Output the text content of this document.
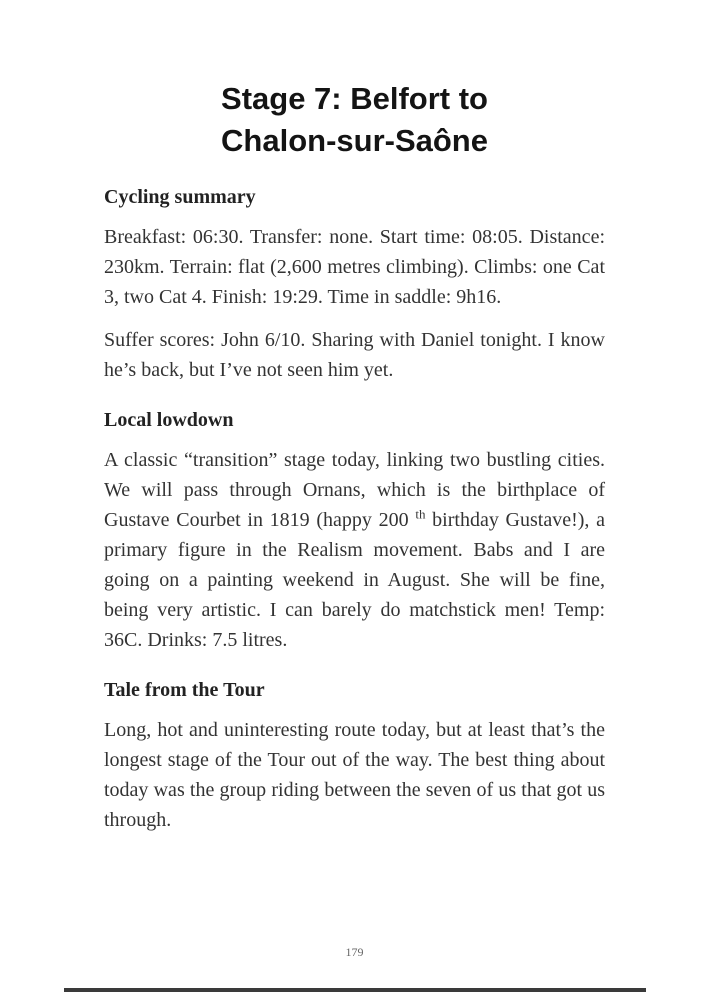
Stage 7: Belfort to
Chalon-sur-Saône
Cycling summary

Breakfast: 06:30. Transfer: none. Start time: 08:05. Distance: 230km. Terrain: flat (2,600 metres climbing). Climbs: one Cat 3, two Cat 4. Finish: 19:29. Time in saddle: 9h16.

Suffer scores: John 6/10. Sharing with Daniel tonight. I know he’s back, but I’ve not seen him yet.

Local lowdown

A classic “transition” stage today, linking two bustling cities. We will pass through Ornans, which is the birthplace of Gustave Courbet in 1819 (happy 200 $^{th}$ birthday Gustave!), a primary figure in the Realism movement. Babs and I are going on a painting weekend in August. She will be fine, being very artistic. I can barely do matchstick men! Temp: 36C. Drinks: 7.5 litres.

Tale from the Tour

Long, hot and uninteresting route today, but at least that’s the longest stage of the Tour out of the way. The best thing about today was the group riding between the seven of us that got us through.

179
